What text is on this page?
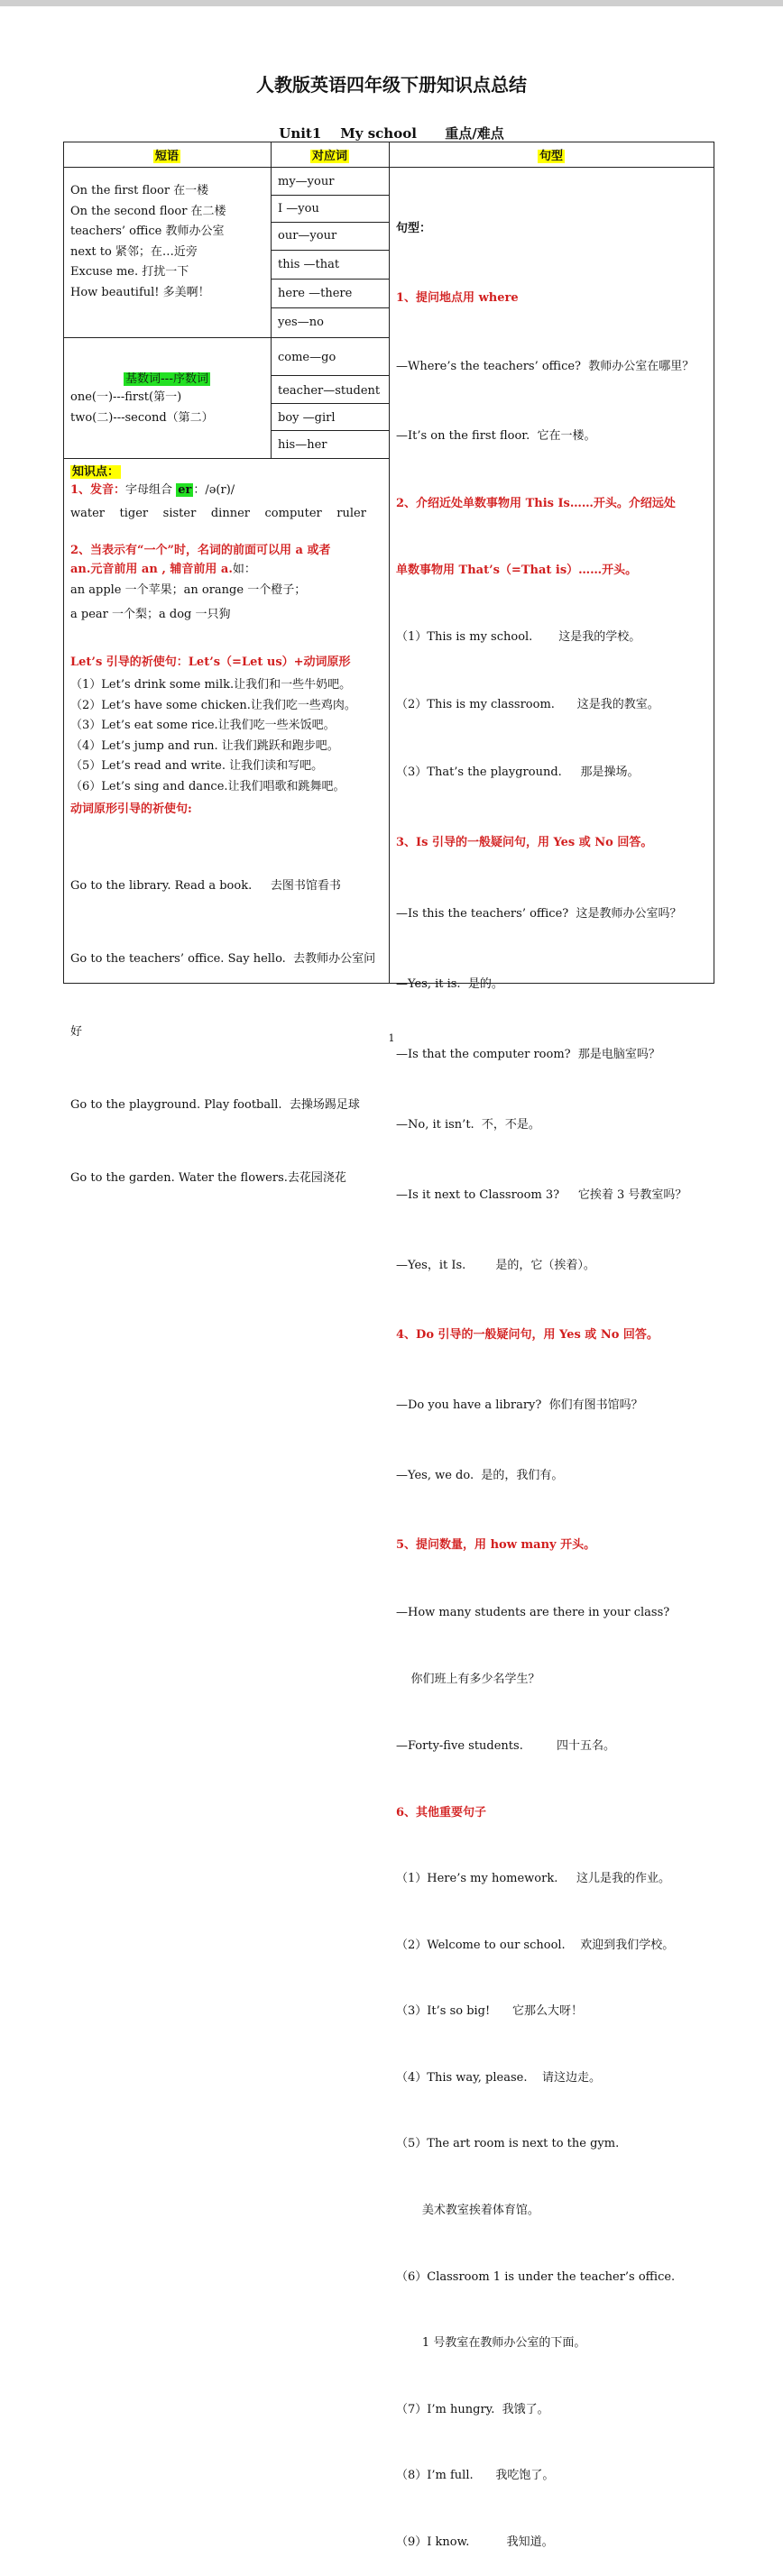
人教版英语四年级下册知识点总结
Unit1    My school      重点/难点
短语	对应词	句型
On the first floor 在一楼
On the second floor 在二楼
teachers’ office 教师办公室
next to 紧邻；在…近旁
Excuse me. 打扰一下
How beautiful! 多美啊！
my—your
I —you
our—your
this —that
here —there
yes—no
come—go
teacher—student
boy —girl
his—her
基数词---序数词
one(一)---first(第一)
two(二)---second（第二）
知识点：
1、发音：字母组合 er ：/ə(r)/
water    tiger    sister    dinner    computer    ruler
2、当表示有“一个”时，名词的前面可以用 a 或者
an.元音前用 an , 辅音前用 a.如：
an apple 一个苹果；an orange 一个橙子；
a pear 一个梨；a dog 一只狗
Let’s 引导的祈使句：Let’s（=Let us）+动词原形
（1）Let’s drink some milk.让我们和一些牛奶吧。
（2）Let’s have some chicken.让我们吃一些鸡肉。
（3）Let’s eat some rice.让我们吃一些米饭吧。
（4）Let’s jump and run. 让我们跳跃和跑步吧。
（5）Let’s read and write. 让我们读和写吧。
（6）Let’s sing and dance.让我们唱歌和跳舞吧。
动词原形引导的祈使句:

Go to the library. Read a book.     去图书馆看书

Go to the teachers’ office. Say hello.  去教师办公室问

好

Go to the playground. Play football.  去操场踢足球

Go to the garden. Water the flowers.去花园浇花

句型：

1、提问地点用 where

—Where’s the teachers’ office?  教师办公室在哪里？

—It’s on the first floor.  它在一楼。

2、介绍近处单数事物用 This Is……开头。介绍远处

单数事物用 That’s（=That is）……开头。

（1）This is my school.       这是我的学校。

（2）This is my classroom.      这是我的教室。

（3）That’s the playground.     那是操场。

3、Is 引导的一般疑问句，用 Yes 或 No 回答。

—Is this the teachers’ office?  这是教师办公室吗？

—Yes, it is.  是的。

—Is that the computer room?  那是电脑室吗？

—No, it isn’t.  不，不是。

—Is it next to Classroom 3?     它挨着 3 号教室吗？

—Yes，it Is.        是的，它（挨着）。

4、Do 引导的一般疑问句，用 Yes 或 No 回答。

—Do you have a library?  你们有图书馆吗？

—Yes, we do.  是的，我们有。

5、提问数量，用 how many 开头。

—How many students are there in your class?

你们班上有多少名学生？

—Forty-five students.         四十五名。

6、其他重要句子

（1）Here’s my homework.     这儿是我的作业。

（2）Welcome to our school.    欢迎到我们学校。

（3）It’s so big!      它那么大呀！

（4）This way, please.    请这边走。

（5）The art room is next to the gym.

美术教室挨着体育馆。

（6）Classroom 1 is under the teacher’s office.

1 号教室在教师办公室的下面。

（7）I’m hungry.  我饿了。

（8）I’m full.      我吃饱了。

（9）I know.          我知道。

1
